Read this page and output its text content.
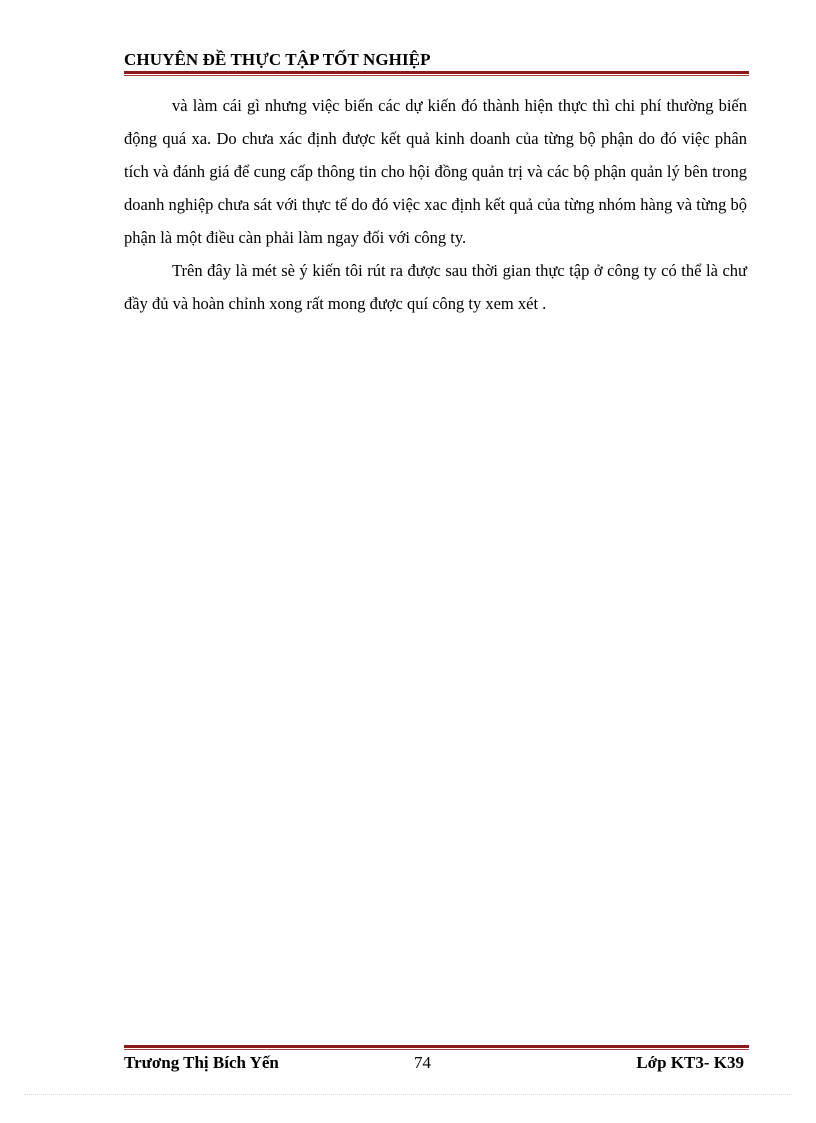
CHUYÊN ĐỀ THỰC TẬP TỐT NGHIỆP

và làm cái gì nhưng việc biến các dự kiến đó thành hiện thực thì chi phí thường biến động quá xa. Do chưa xác định được kết quả kinh doanh của từng bộ phận do đó việc phân tích và đánh giá để cung cấp thông tin cho hội đồng quản trị và các bộ phận quản lý bên trong doanh nghiệp chưa sát với thực tế do đó việc xac định kết quả của từng nhóm hàng và từng bộ phận là một điều càn phải làm ngay đối với công ty.

Trên đây là mét sè ý kiến tôi rút ra được sau thời gian thực tập ở công ty có thể là chư đầy đủ và hoàn chỉnh xong rất mong được quí công ty xem xét .

Trương Thị Bích Yến	74	Lớp KT3- K39
